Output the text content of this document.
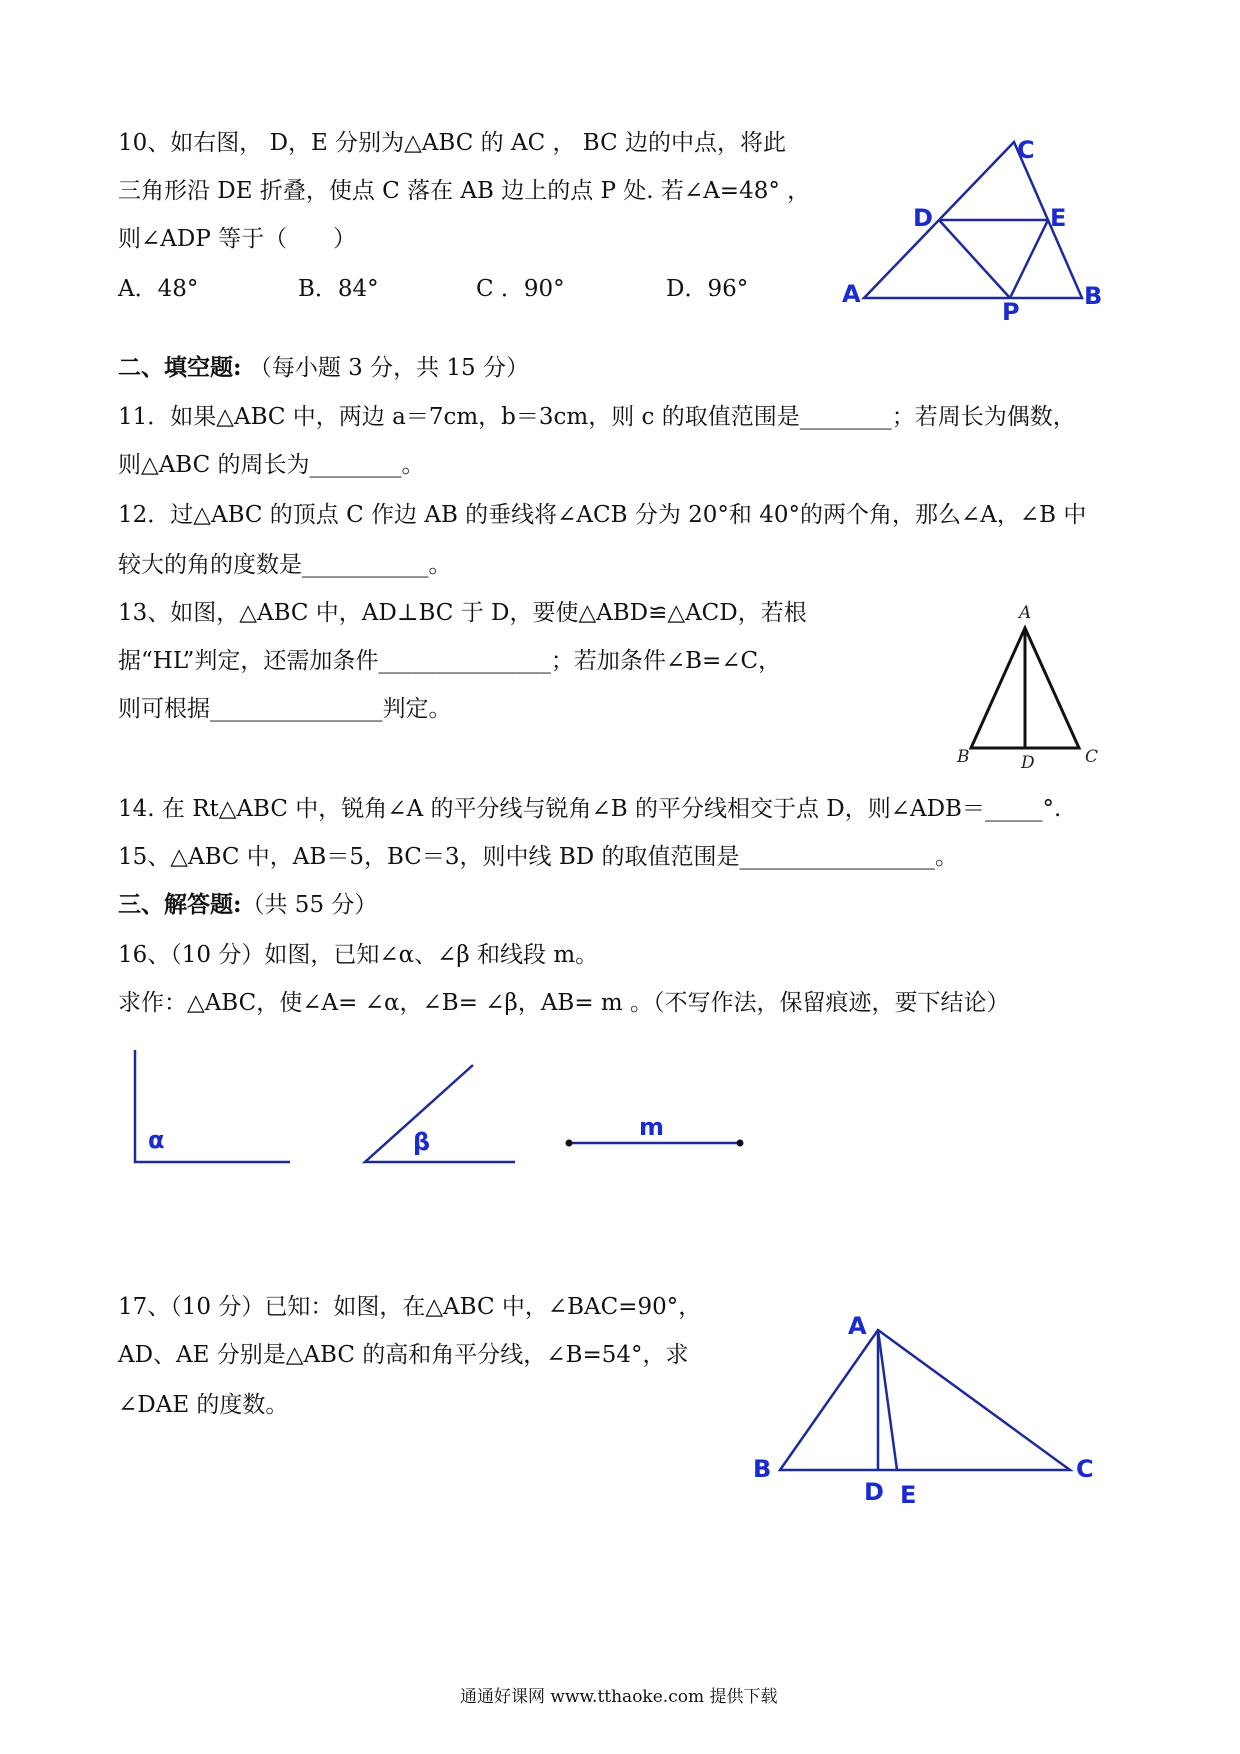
10、如右图， D，E 分别为△ABC 的 AC ， BC 边的中点，将此
三角形沿 DE 折叠，使点 C 落在 AB 边上的点 P 处. 若∠A=48° ，
则∠ADP 等于（　　）
A．48°	B．84°	C ．90°	D．96°
C
D	E
A
P
B
二、填空题: （每小题 3 分，共 15 分）
11．如果△ABC 中，两边 a＝7cm，b＝3cm，则 c 的取值范围是________；若周长为偶数，
则△ABC 的周长为________。
12．过△ABC 的顶点 C 作边 AB 的垂线将∠ACB 分为 20°和 40°的两个角，那么∠A，∠B 中
较大的角的度数是___________。
13、如图，△ABC 中，AD⊥BC 于 D，要使△ABD≌△ACD，若根
据“HL”判定，还需加条件_______________；若加条件∠B=∠C，
则可根据_______________判定。
A
B	D	C
14. 在 Rt△ABC 中，锐角∠A 的平分线与锐角∠B 的平分线相交于点 D，则∠ADB＝_____°.
15、△ABC 中，AB＝5，BC＝3，则中线 BD 的取值范围是_________________。
三、解答题:（共 55 分）
16、（10 分）如图，已知∠α、∠β 和线段 m。
求作：△ABC，使∠A= ∠α，∠B= ∠β，AB= m 。（不写作法，保留痕迹，要下结论）
α	β
m
17、（10 分）已知：如图，在△ABC 中，∠BAC=90°，
AD、AE 分别是△ABC 的高和角平分线，∠B=54°，求
∠DAE 的度数。
A
B
D E
C
通通好课网 www.tthaoke.com 提供下载
